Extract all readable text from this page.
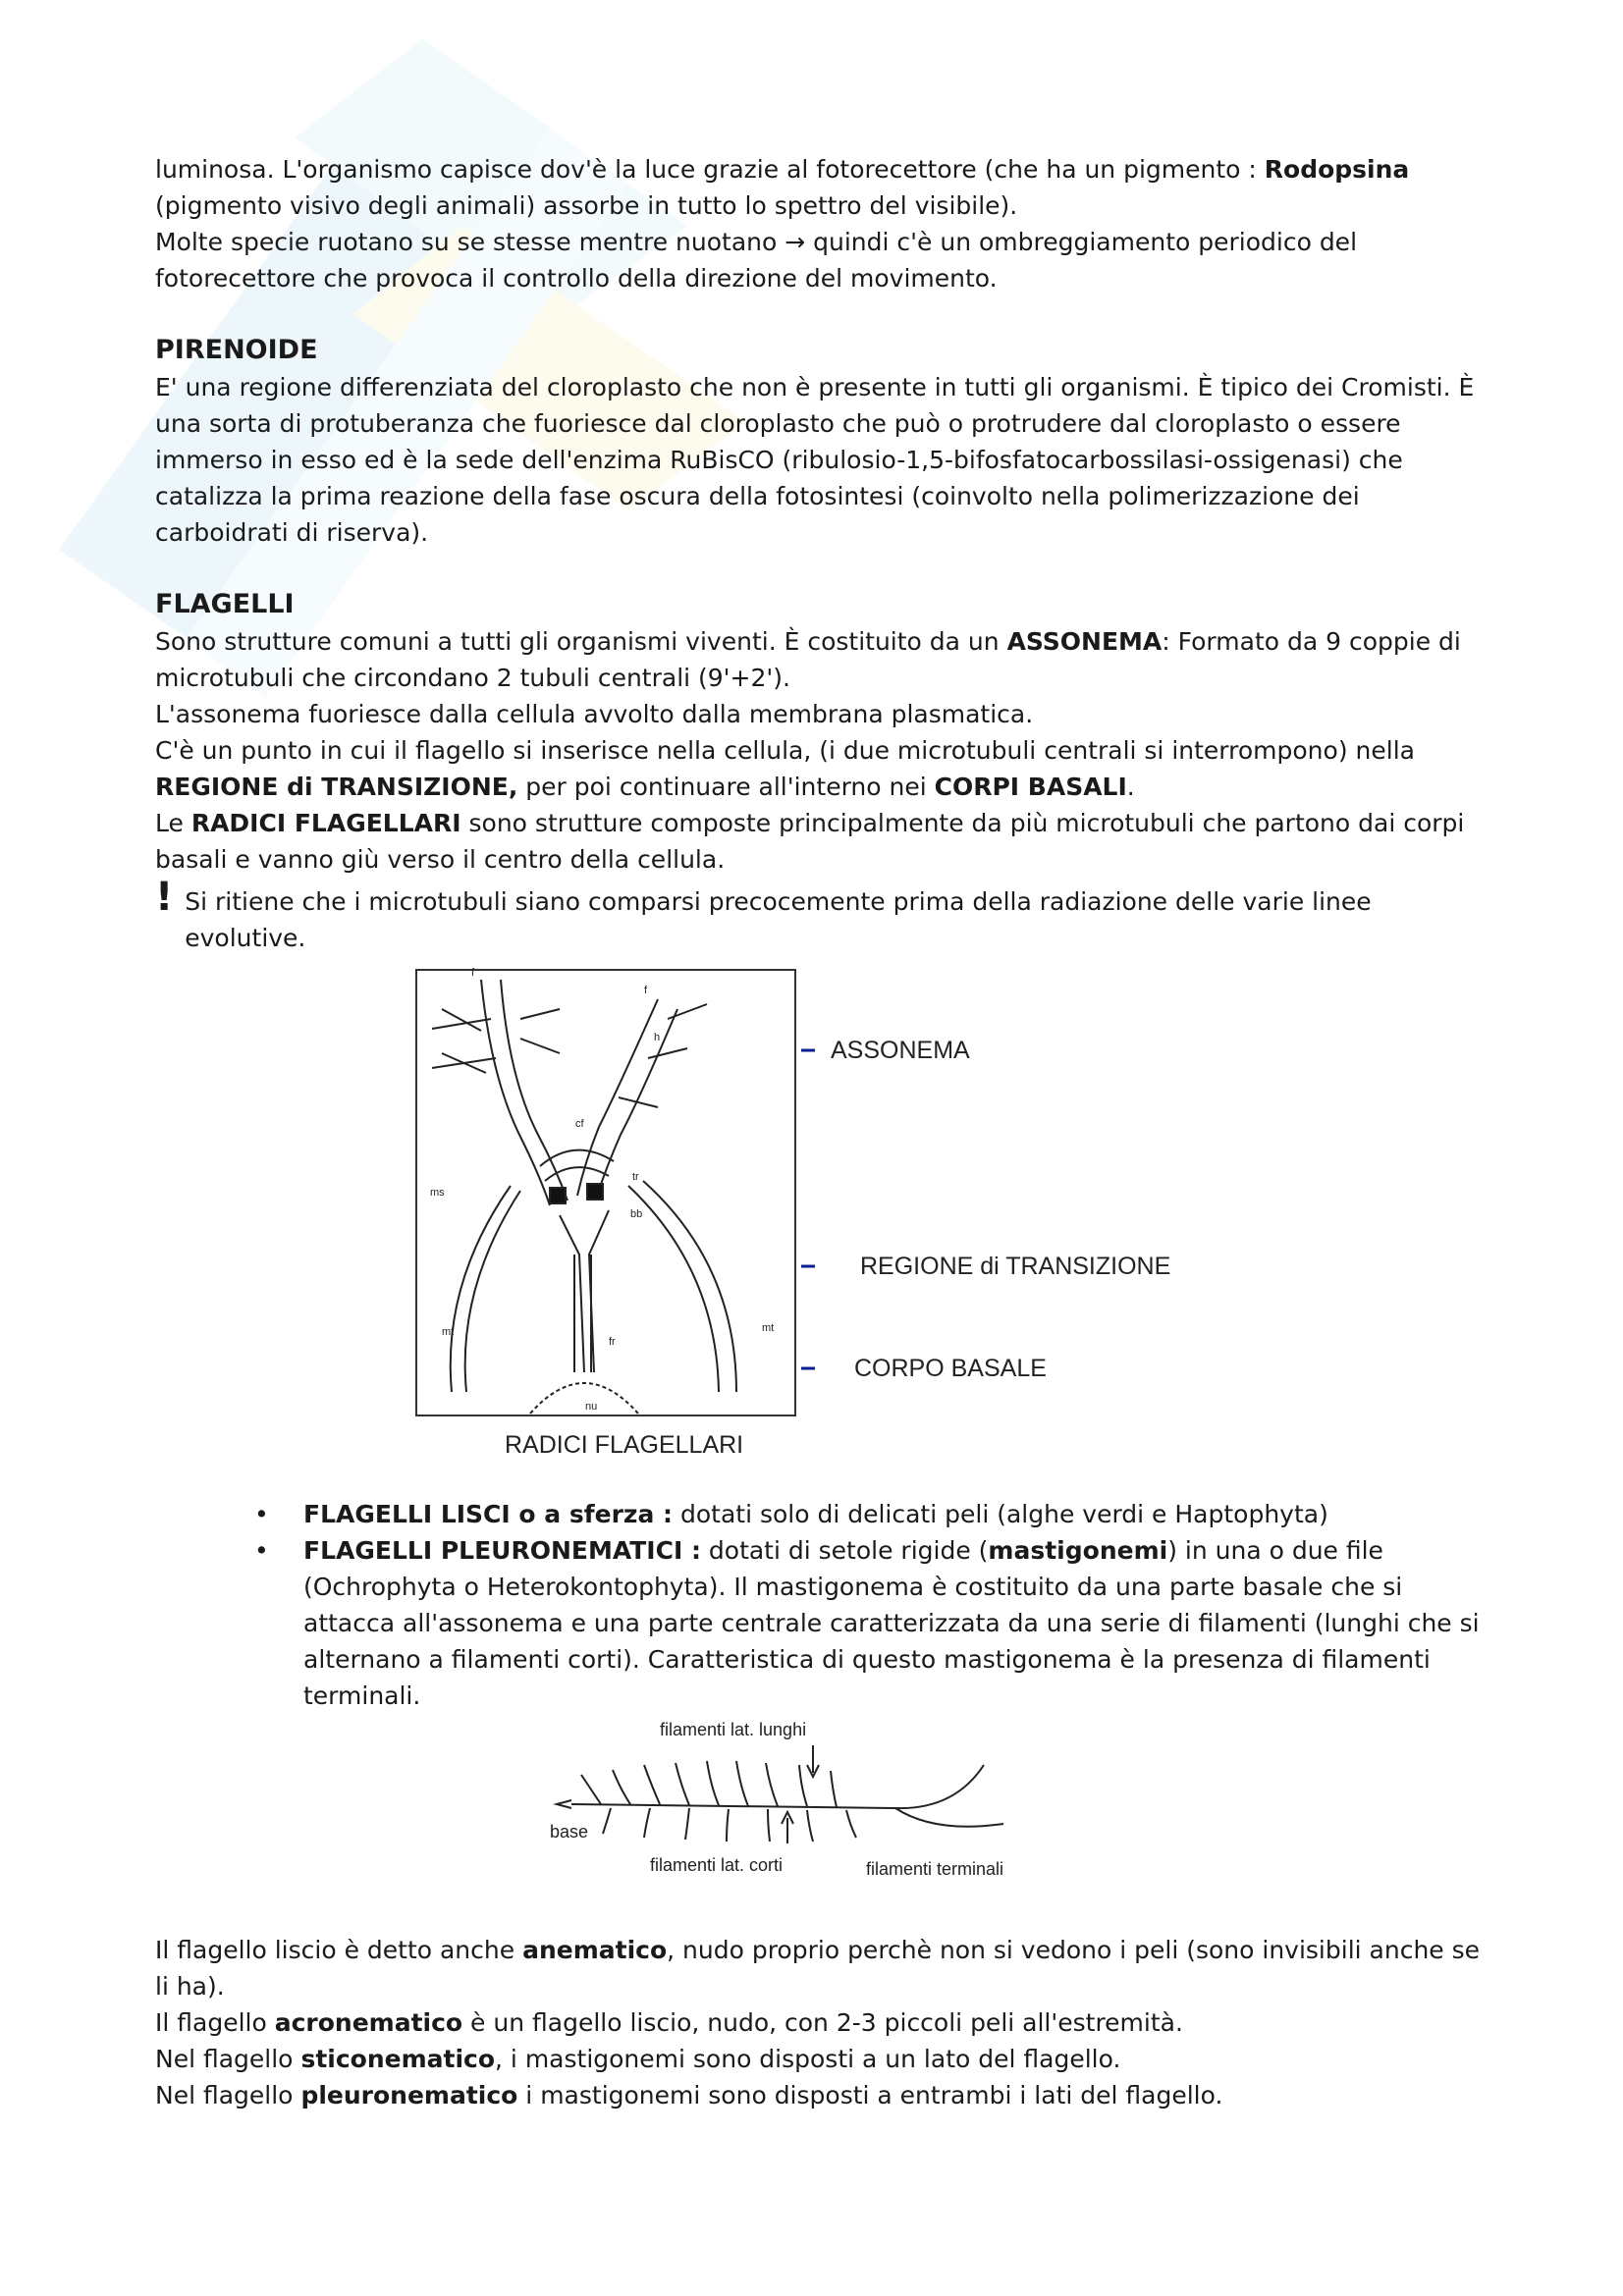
luminosa. L'organismo capisce dov'è la luce grazie al fotorecettore (che ha un pigmento : Rodopsina
(pigmento visivo degli animali) assorbe in tutto lo spettro del visibile).
Molte specie ruotano su se stesse mentre nuotano → quindi c'è un ombreggiamento periodico del fotorecettore che provoca il controllo della direzione del movimento.

PIRENOIDE

E' una regione differenziata del cloroplasto che non è presente in tutti gli organismi. È tipico dei Cromisti. È una sorta di protuberanza che fuoriesce dal cloroplasto che può o protrudere dal cloroplasto o essere immerso in esso ed è la sede dell'enzima RuBisCO (ribulosio-1,5-bifosfatocarbossilasi-ossigenasi) che catalizza la prima reazione della fase oscura della fotosintesi (coinvolto nella polimerizzazione dei carboidrati di riserva).

FLAGELLI

Sono strutture comuni a tutti gli organismi viventi. È costituito da un ASSONEMA: Formato da 9 coppie di microtubuli che circondano 2 tubuli centrali (9'+2').

L'assonema fuoriesce dalla cellula avvolto dalla membrana plasmatica.

C'è un punto in cui il flagello si inserisce nella cellula, (i due microtubuli centrali si interrompono) nella REGIONE di TRANSIZIONE, per poi continuare all'interno nei CORPI BASALI.

Le RADICI FLAGELLARI sono strutture composte principalmente da più microtubuli che partono dai corpi basali e vanno giù verso il centro della cellula.

! Si ritiene che i microtubuli siano comparsi precocemente prima della radiazione delle varie linee evolutive.
f
f
h
cf
tr
bb
ms
mt	mt
fr
nu
ASSONEMA
REGIONE di TRANSIZIONE
CORPO BASALE
RADICI FLAGELLARI
• FLAGELLI LISCI o a sferza : dotati solo di delicati peli (alghe verdi e Haptophyta)
• FLAGELLI PLEURONEMATICI : dotati di setole rigide (mastigonemi) in una o due file (Ochrophyta o Heterokontophyta). Il mastigonema è costituito da una parte basale che si attacca all'assonema e una parte centrale caratterizzata da una serie di filamenti (lunghi che si alternano a filamenti corti). Caratteristica di questo mastigonema è la presenza di filamenti terminali.
filamenti lat. lunghi
base
filamenti lat. corti	filamenti terminali

Il flagello liscio è detto anche anematico, nudo proprio perchè non si vedono i peli (sono invisibili anche se li ha).

Il flagello acronematico è un flagello liscio, nudo, con 2-3 piccoli peli all'estremità.

Nel flagello sticonematico, i mastigonemi sono disposti a un lato del flagello.

Nel flagello pleuronematico i mastigonemi sono disposti a entrambi i lati del flagello.
